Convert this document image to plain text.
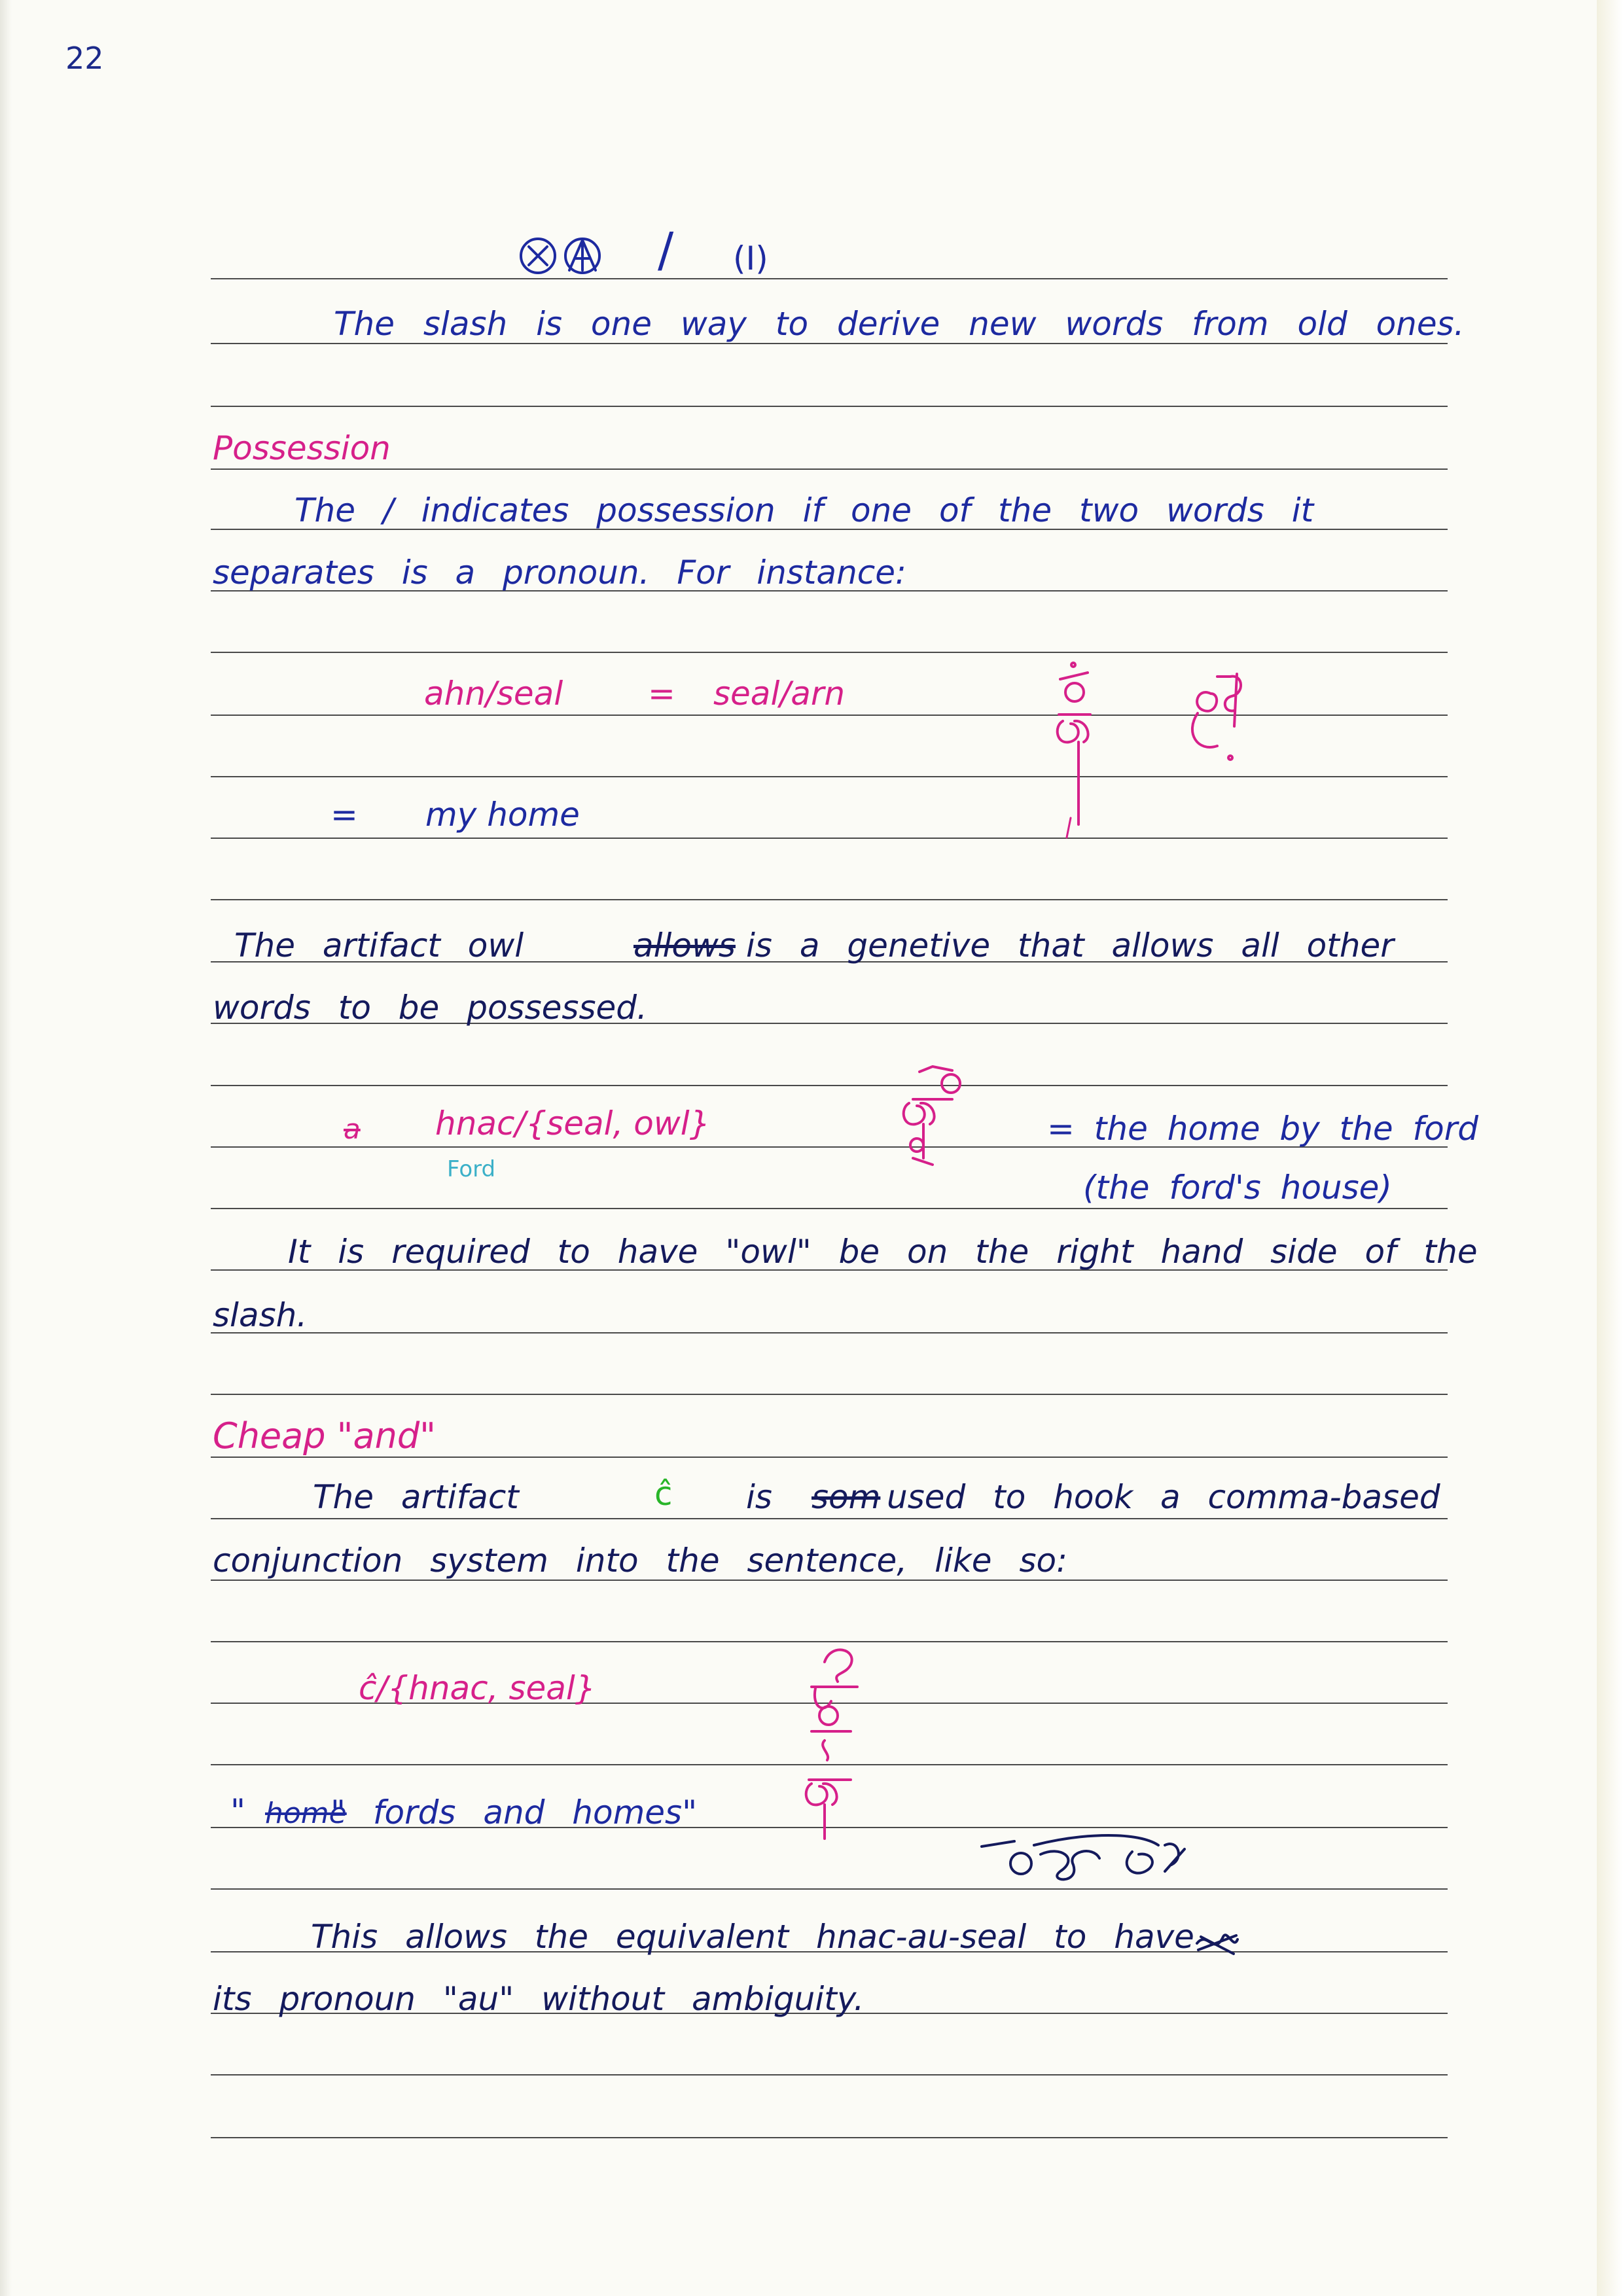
22
/ (I)
The slash is one way to derive new words from old ones.
Possession
The / indicates possession if one of the two words it
separates is a pronoun. For instance:
ahn/seal	= seal/arn
= my home
The artifact owl	allows is a genetive that allows all other
words to be possessed.
a hnac/{seal, owl}
Ford
= the home by the ford
(the ford's house)
It is required to have "owl" be on the right hand side of the
slash.
Cheap "and"
The artifact	ĉ is som used to hook a comma-based
conjunction system into the sentence, like so:
ĉ/{hnac, seal}
" home
" fords and homes"
This allows the equivalent hnac-au-seal to have
its pronoun "au" without ambiguity.
